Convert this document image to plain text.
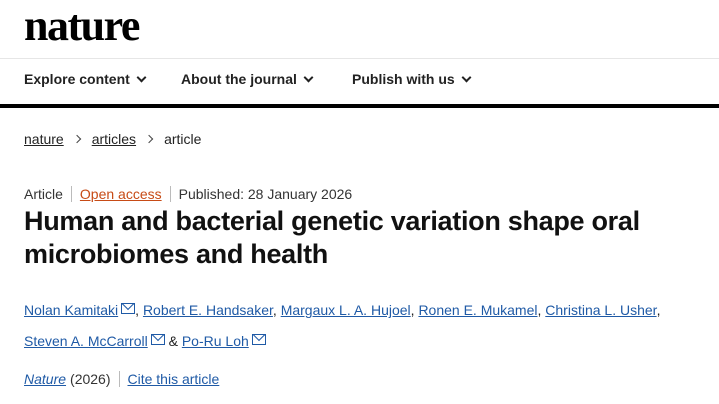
nature
Explore content	About the journal	Publish with us
nature articles article
Article Open access Published: 28 January 2026
Human and bacterial genetic variation shape oral microbiomes and health
Nolan Kamitaki , Robert E. Handsaker, Margaux L. A. Hujoel, Ronen E. Mukamel, Christina L. Usher,
Steven A. McCarroll & Po-Ru Loh
Nature (2026) Cite this article
